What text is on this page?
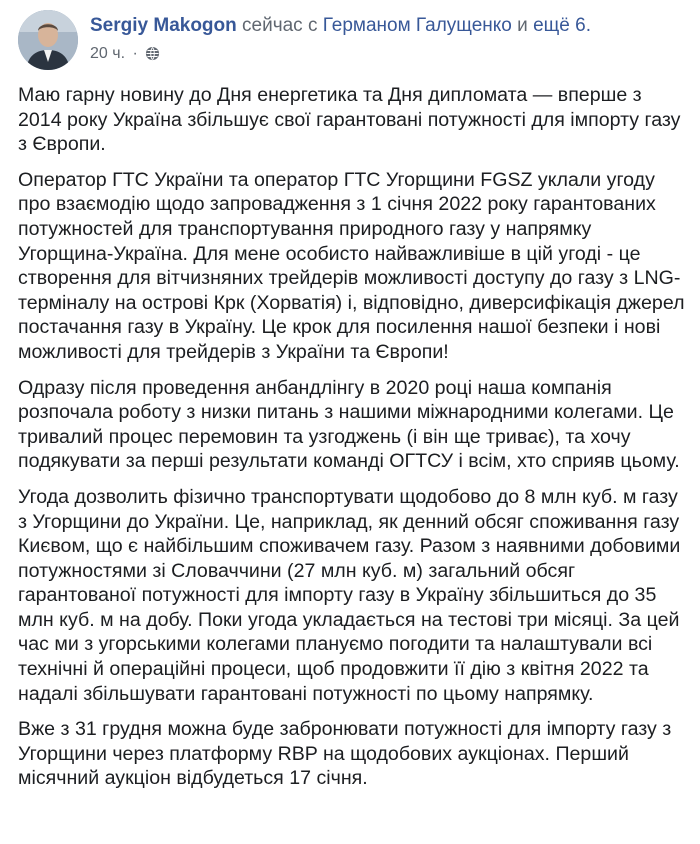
Sergiy Makogon сейчас с Германом Галущенко и ещё 6.
20 ч. ·

Маю гарну новину до Дня енергетика та Дня дипломата — вперше з 2014 року Україна збільшує свої гарантовані потужності для імпорту газу з Європи.

Оператор ГТС України та оператор ГТС Угорщини FGSZ уклали угоду про взаємодію щодо запровадження з 1 січня 2022 року гарантованих потужностей для транспортування природного газу у напрямку Угорщина-Україна. Для мене особисто найважливіше в цій угоді - це створення для вітчизняних трейдерів можливості доступу до газу з LNG-терміналу на острові Крк (Хорватія) і, відповідно, диверсифікація джерел постачання газу в Україну. Це крок для посилення нашої безпеки і нові можливості для трейдерів з України та Європи!

Одразу після проведення анбандлінгу в 2020 році наша компанія розпочала роботу з низки питань з нашими міжнародними колегами. Це тривалий процес перемовин та узгоджень (і він ще триває), та хочу подякувати за перші результати команді ОГТСУ і всім, хто сприяв цьому.

Угода дозволить фізично транспортувати щодобово до 8 млн куб. м газу з Угорщини до України. Це, наприклад, як денний обсяг споживання газу Києвом, що є найбільшим споживачем газу. Разом з наявними добовими потужностями зі Словаччини (27 млн куб. м) загальний обсяг гарантованої потужності для імпорту газу в Україну збільшиться до 35 млн куб. м на добу. Поки угода укладається на тестові три місяці. За цей час ми з угорськими колегами плануємо погодити та налаштували всі технічні й операційні процеси, щоб продовжити її дію з квітня 2022 та надалі збільшувати гарантовані потужності по цьому напрямку.

Вже з 31 грудня можна буде забронювати потужності для імпорту газу з Угорщини через платформу RBP на щодобових аукціонах. Перший місячний аукціон відбудеться 17 січня.
